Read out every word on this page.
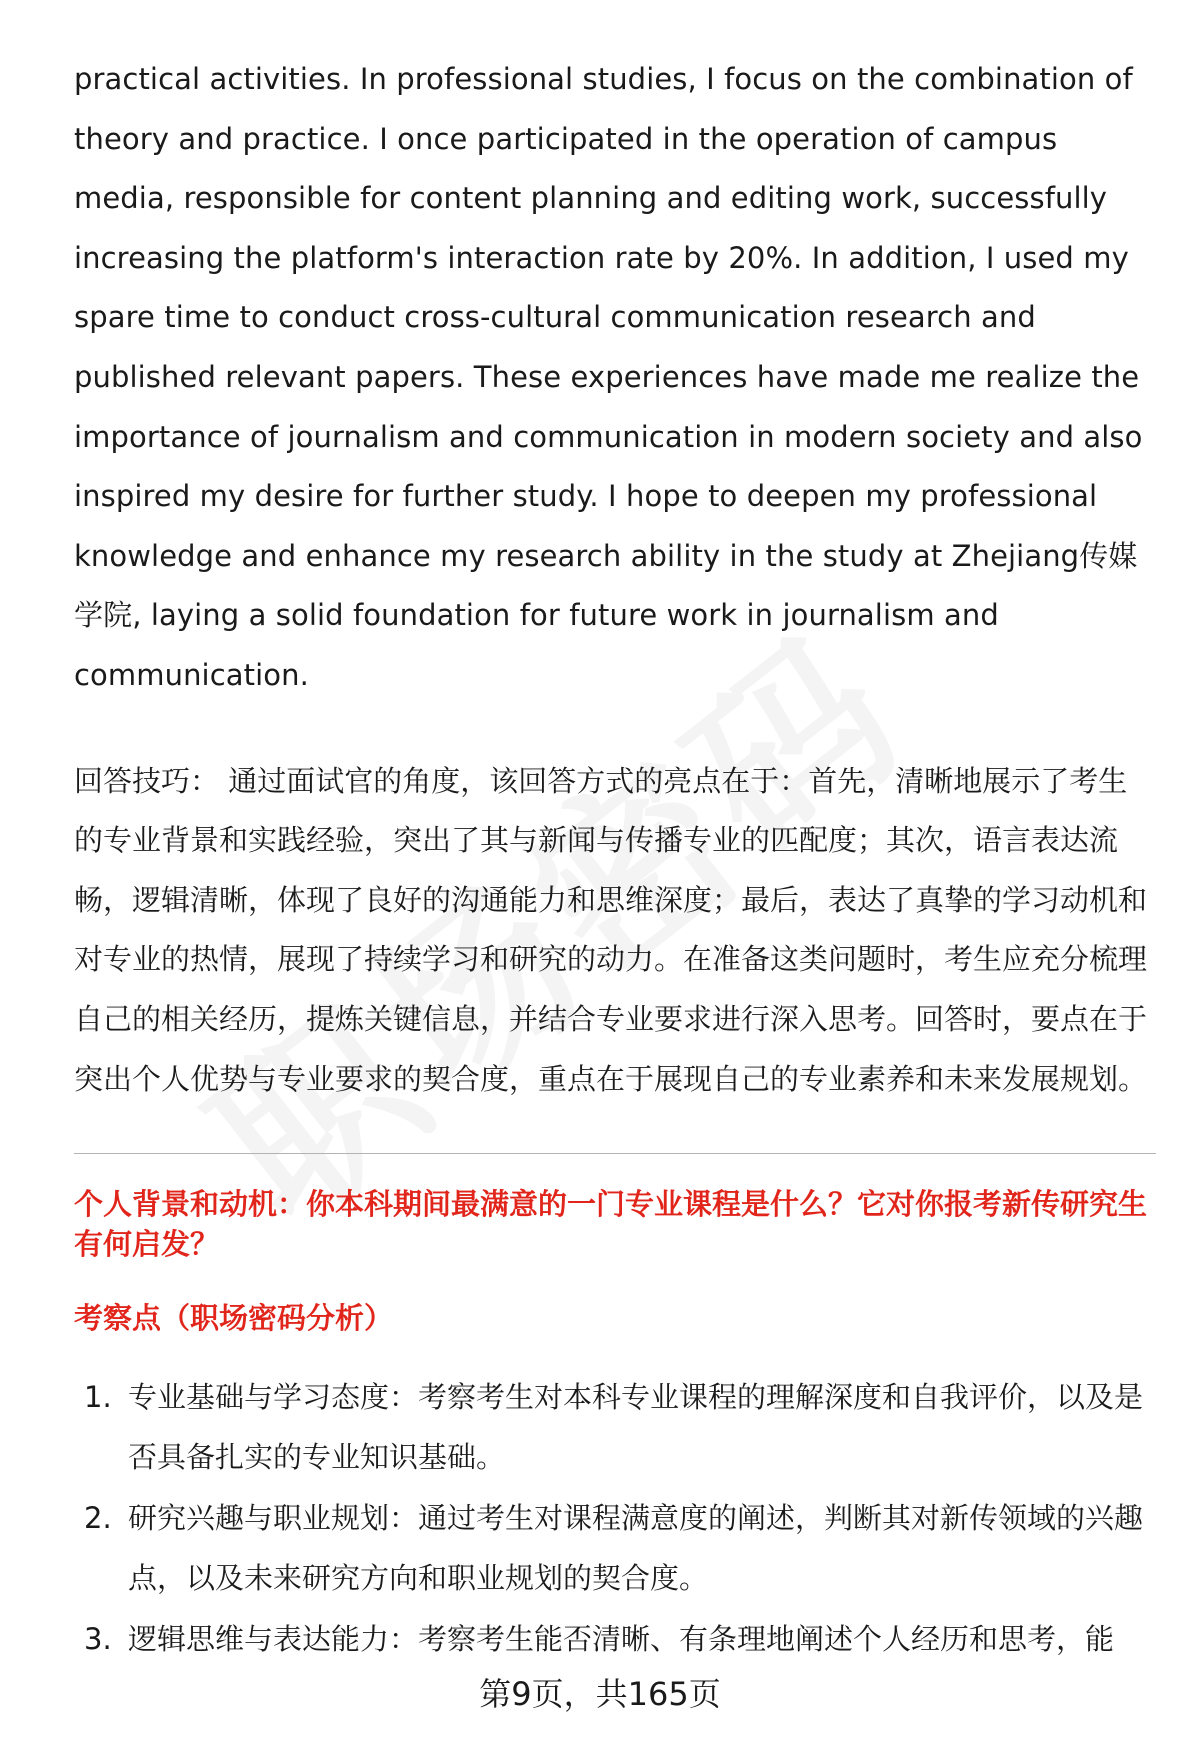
practical activities. In professional studies, I focus on the combination of theory and practice. I once participated in the operation of campus media, responsible for content planning and editing work, successfully increasing the platform's interaction rate by 20%. In addition, I used my spare time to conduct cross-cultural communication research and published relevant papers. These experiences have made me realize the importance of journalism and communication in modern society and also inspired my desire for further study. I hope to deepen my professional knowledge and enhance my research ability in the study at Zhejiang传媒学院, laying a solid foundation for future work in journalism and communication.

回答技巧： 通过面试官的角度，该回答方式的亮点在于：首先，清晰地展示了考生的专业背景和实践经验，突出了其与新闻与传播专业的匹配度；其次，语言表达流畅，逻辑清晰，体现了良好的沟通能力和思维深度；最后，表达了真挚的学习动机和对专业的热情，展现了持续学习和研究的动力。在准备这类问题时，考生应充分梳理自己的相关经历，提炼关键信息，并结合专业要求进行深入思考。回答时，要点在于突出个人优势与专业要求的契合度，重点在于展现自己的专业素养和未来发展规划。

个人背景和动机：你本科期间最满意的一门专业课程是什么？它对你报考新传研究生有何启发？
考察点（职场密码分析）
1. 专业基础与学习态度：考察考生对本科专业课程的理解深度和自我评价，以及是否具备扎实的专业知识基础。
2. 研究兴趣与职业规划：通过考生对课程满意度的阐述，判断其对新传领域的兴趣点，以及未来研究方向和职业规划的契合度。
3. 逻辑思维与表达能力：考察考生能否清晰、有条理地阐述个人经历和思考，能
第9页，共165页
